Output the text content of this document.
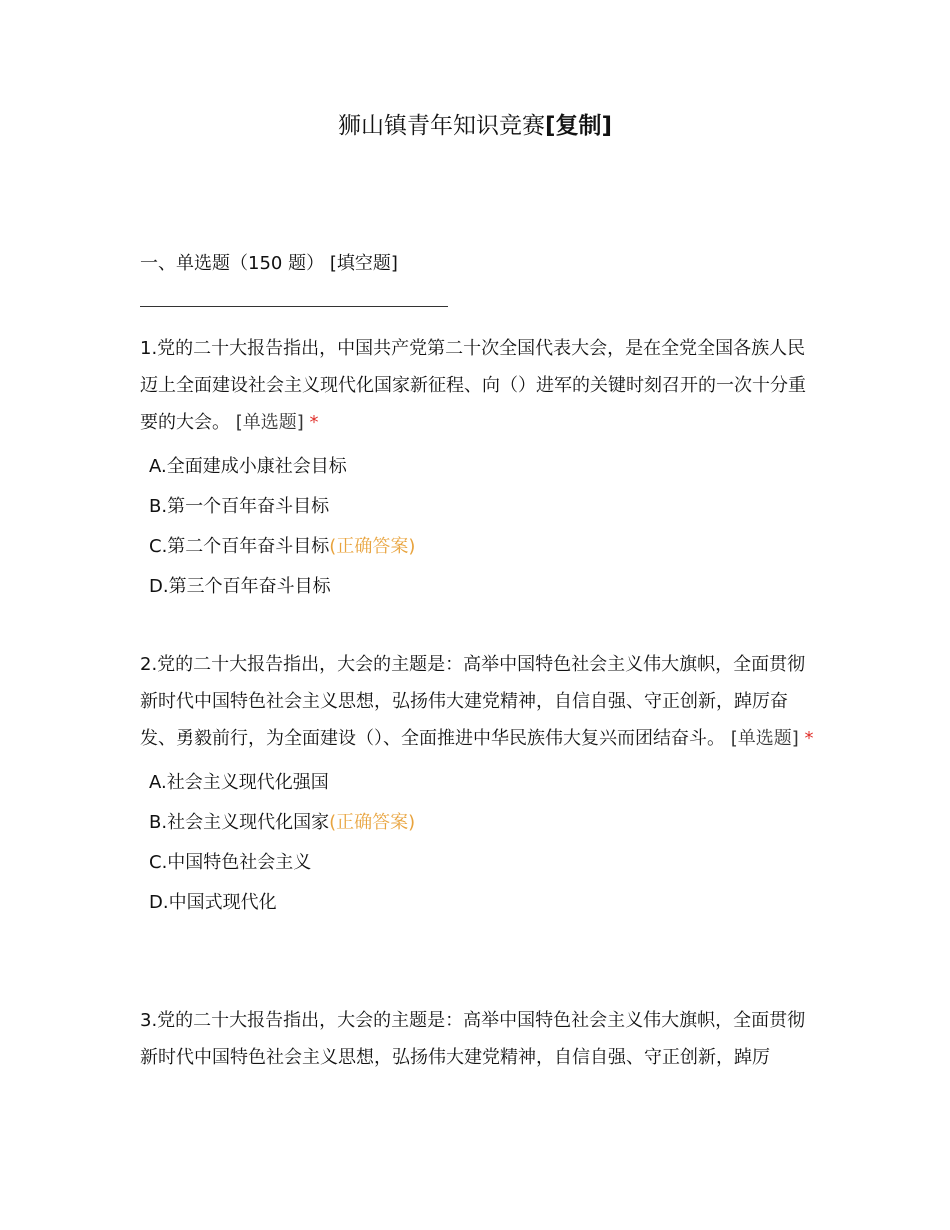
狮山镇青年知识竞赛[复制]

一、单选题（150 题） [填空题]

1.党的二十大报告指出，中国共产党第二十次全国代表大会，是在全党全国各族人民迈上全面建设社会主义现代化国家新征程、向（）进军的关键时刻召开的一次十分重要的大会。 [单选题] *

A.全面建成小康社会目标
B.第一个百年奋斗目标
C.第二个百年奋斗目标(正确答案)
D.第三个百年奋斗目标

2.党的二十大报告指出，大会的主题是：高举中国特色社会主义伟大旗帜，全面贯彻新时代中国特色社会主义思想，弘扬伟大建党精神，自信自强、守正创新，踔厉奋发、勇毅前行，为全面建设（）、全面推进中华民族伟大复兴而团结奋斗。 [单选题] *

A.社会主义现代化强国
B.社会主义现代化国家(正确答案)
C.中国特色社会主义
D.中国式现代化

3.党的二十大报告指出，大会的主题是：高举中国特色社会主义伟大旗帜，全面贯彻新时代中国特色社会主义思想，弘扬伟大建党精神，自信自强、守正创新，踔厉
